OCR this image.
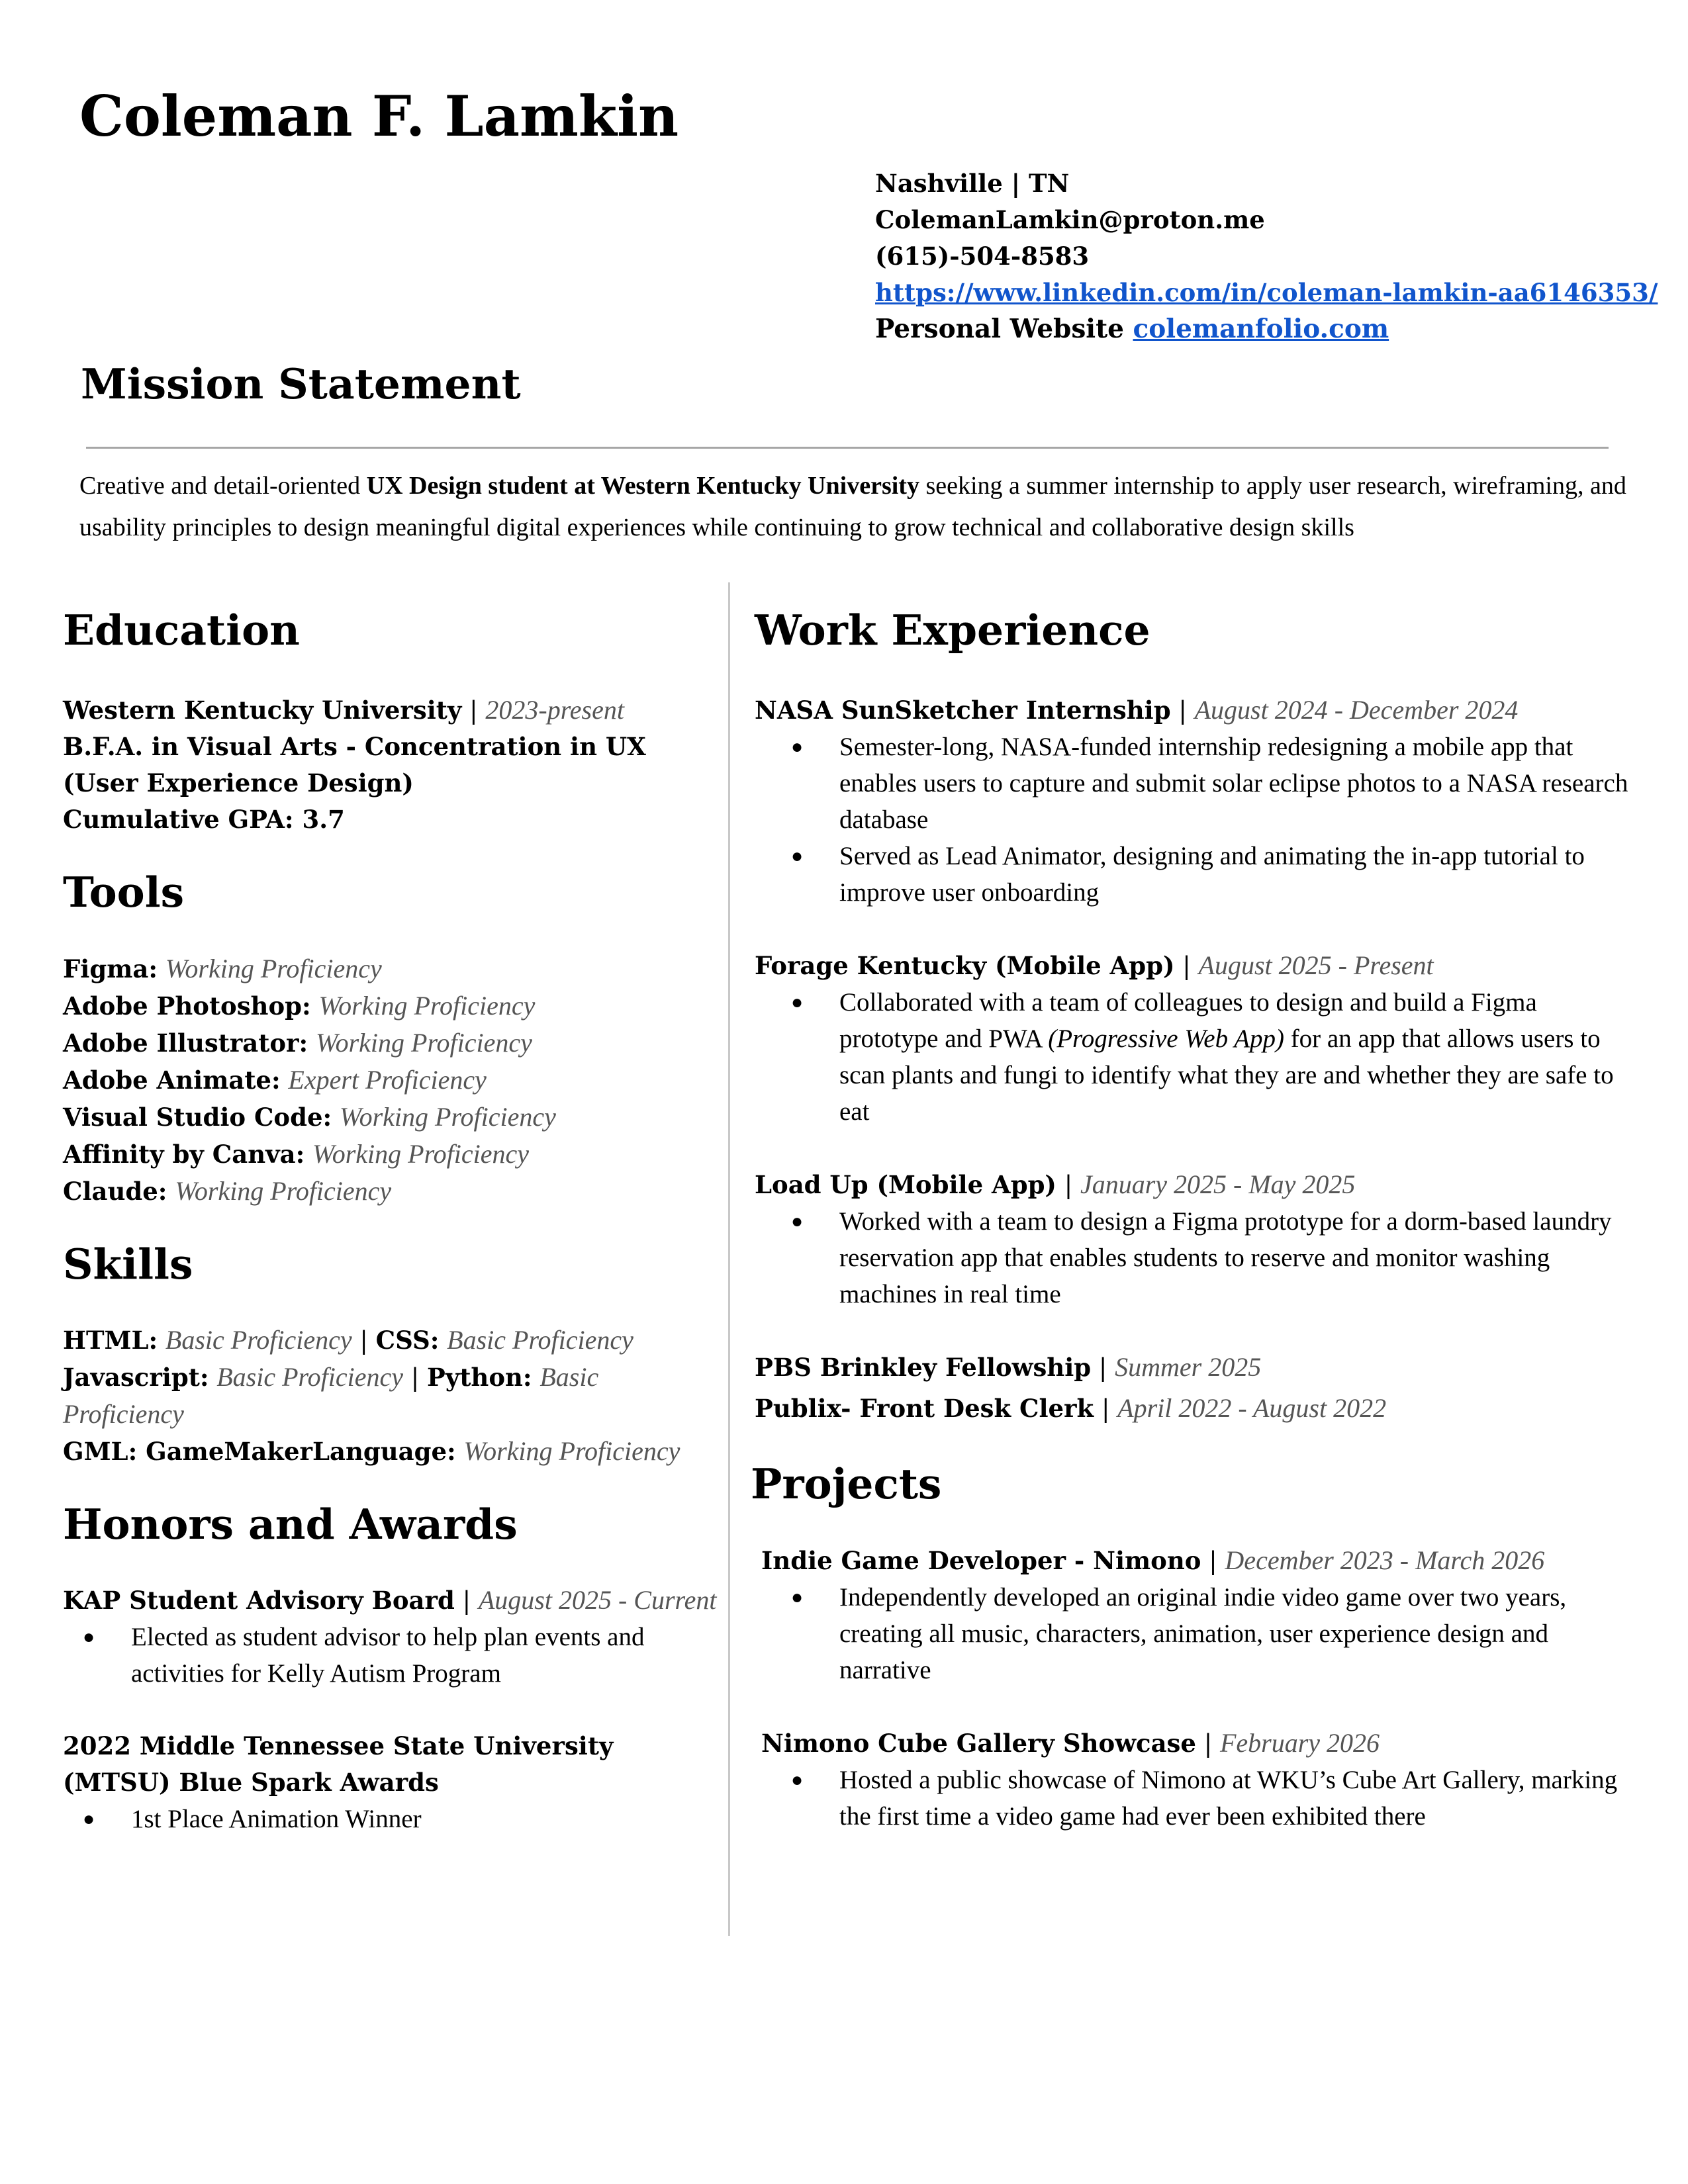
Coleman F. Lamkin
Nashville | TN
ColemanLamkin@proton.me
(615)-504-8583
https://www.linkedin.com/in/coleman-lamkin-aa6146353/
Personal Website colemanfolio.com
Mission Statement
Creative and detail-oriented UX Design student at Western Kentucky University seeking a summer internship to apply user research, wireframing, and usability principles to design meaningful digital experiences while continuing to grow technical and collaborative design skills
Education

Western Kentucky University | 2023-present

B.F.A. in Visual Arts - Concentration in UX

(User Experience Design)

Cumulative GPA: 3.7

Tools

Figma: Working Proficiency

Adobe Photoshop: Working Proficiency

Adobe Illustrator: Working Proficiency

Adobe Animate: Expert Proficiency

Visual Studio Code: Working Proficiency

Affinity by Canva: Working Proficiency

Claude: Working Proficiency

Skills

HTML: Basic Proficiency | CSS: Basic Proficiency

Javascript: Basic Proficiency | Python: Basic Proficiency

GML: GameMakerLanguage: Working Proficiency

Honors and Awards

KAP Student Advisory Board | August 2025 - Current

● Elected as student advisor to help plan events and activities for Kelly Autism Program

2022 Middle Tennessee State University (MTSU) Blue Spark Awards

● 1st Place Animation Winner
Work Experience

NASA SunSketcher Internship | August 2024 - December 2024

● Semester-long, NASA-funded internship redesigning a mobile app that enables users to capture and submit solar eclipse photos to a NASA research database
● Served as Lead Animator, designing and animating the in-app tutorial to improve user onboarding

Forage Kentucky (Mobile App) | August 2025 - Present

● Collaborated with a team of colleagues to design and build a Figma prototype and PWA (Progressive Web App) for an app that allows users to scan plants and fungi to identify what they are and whether they are safe to eat

Load Up (Mobile App) | January 2025 - May 2025

● Worked with a team to design a Figma prototype for a dorm-based laundry reservation app that enables students to reserve and monitor washing machines in real time

PBS Brinkley Fellowship | Summer 2025

Publix- Front Desk Clerk | April 2022 - August 2022

Projects

Indie Game Developer - Nimono | December 2023 - March 2026

● Independently developed an original indie video game over two years, creating all music, characters, animation, user experience design and narrative

Nimono Cube Gallery Showcase | February 2026

● Hosted a public showcase of Nimono at WKU’s Cube Art Gallery, marking the first time a video game had ever been exhibited there
